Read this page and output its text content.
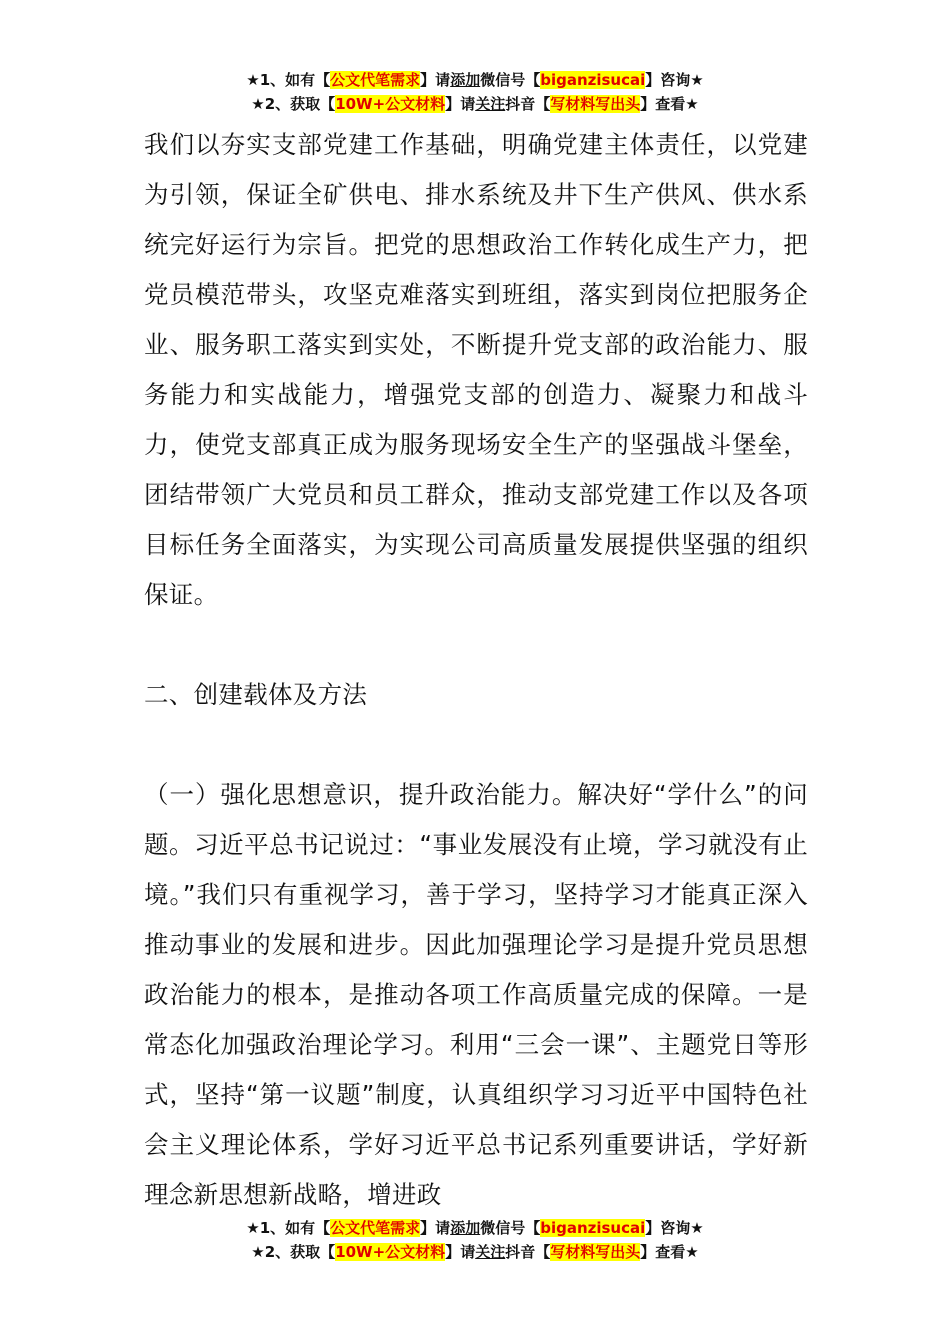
★1、如有【公文代笔需求】请添加微信号【biganzisucai】咨询★
★2、获取【10W+公文材料】请关注抖音【写材料写出头】查看★

我们以夯实支部党建工作基础，明确党建主体责任，以党建为引领，保证全矿供电、排水系统及井下生产供风、供水系统完好运行为宗旨。把党的思想政治工作转化成生产力，把党员模范带头，攻坚克难落实到班组，落实到岗位把服务企业、服务职工落实到实处，不断提升党支部的政治能力、服务能力和实战能力，增强党支部的创造力、凝聚力和战斗力，使党支部真正成为服务现场安全生产的坚强战斗堡垒，团结带领广大党员和员工群众，推动支部党建工作以及各项目标任务全面落实，为实现公司高质量发展提供坚强的组织保证。

二、创建载体及方法

（一）强化思想意识，提升政治能力。解决好“学什么”的问题。习近平总书记说过：“事业发展没有止境，学习就没有止境。”我们只有重视学习，善于学习，坚持学习才能真正深入推动事业的发展和进步。因此加强理论学习是提升党员思想政治能力的根本，是推动各项工作高质量完成的保障。一是常态化加强政治理论学习。利用“三会一课”、主题党日等形式，坚持“第一议题”制度，认真组织学习习近平中国特色社会主义理论体系，学好习近平总书记系列重要讲话，学好新理念新思想新战略，增进政

★1、如有【公文代笔需求】请添加微信号【biganzisucai】咨询★
★2、获取【10W+公文材料】请关注抖音【写材料写出头】查看★
